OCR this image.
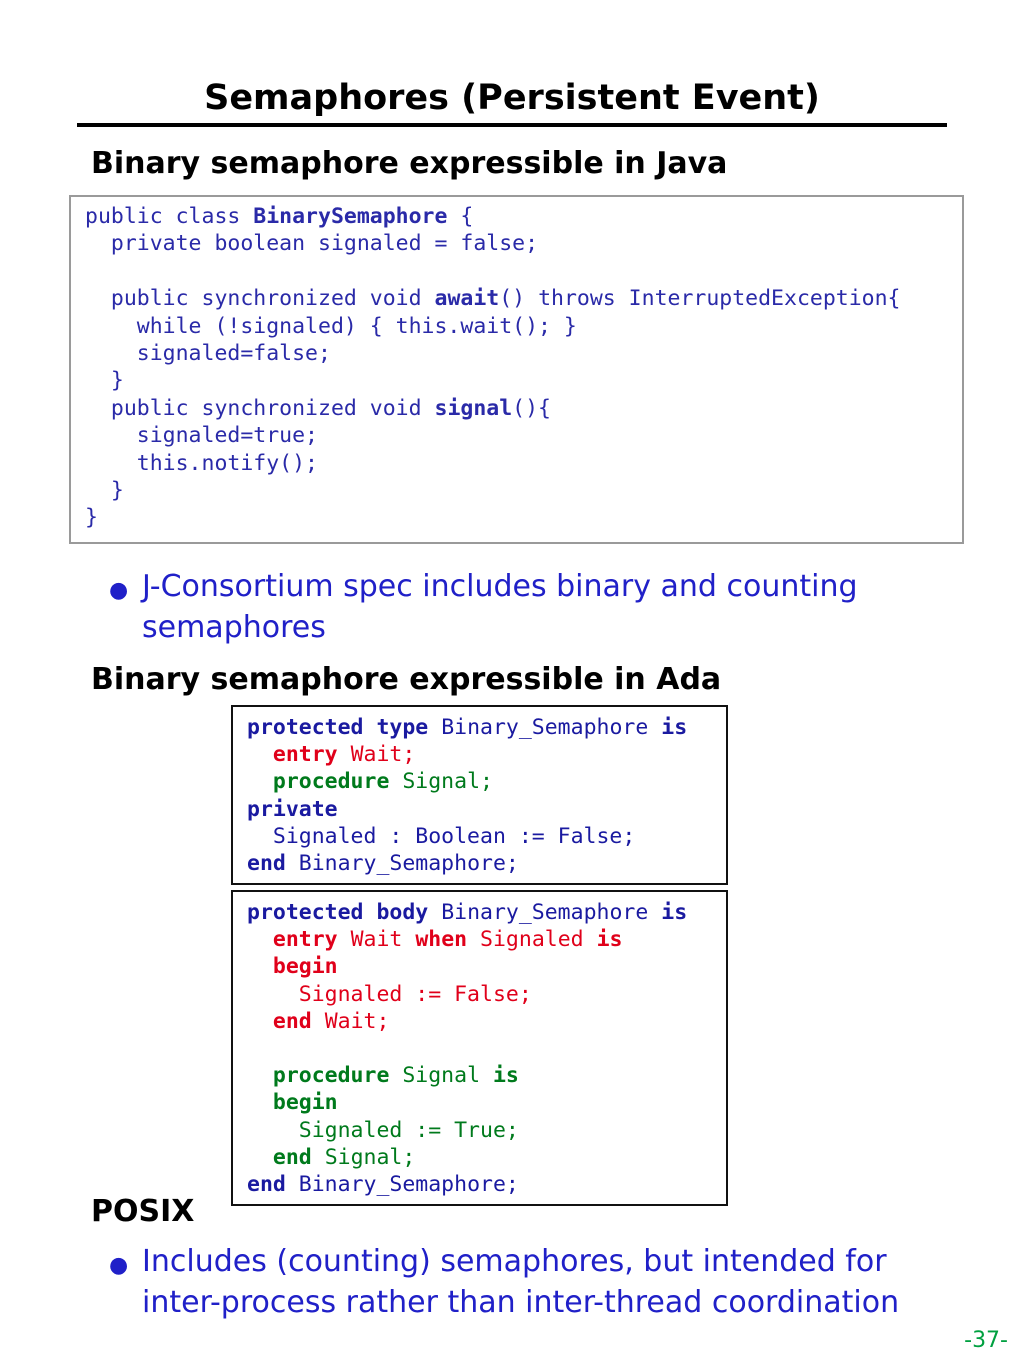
Semaphores (Persistent Event)
Binary semaphore expressible in Java
public class BinarySemaphore {
private boolean signaled = false;

public synchronized void await() throws InterruptedException{
while (!signaled) { this.wait(); }
signaled=false;
}
public synchronized void signal(){
signaled=true;
this.notify();
}
}
● J-Consortium spec includes binary and counting semaphores
Binary semaphore expressible in Ada
protected type Binary_Semaphore is
entry Wait;
procedure Signal;
private
Signaled : Boolean := False;
end Binary_Semaphore;
protected body Binary_Semaphore is
entry Wait when Signaled is
begin
Signaled := False;
end Wait;

procedure Signal is
begin
Signaled := True;
end Signal;
end Binary_Semaphore;
POSIX
● Includes (counting) semaphores, but intended for inter-process rather than inter-thread coordination
-37-
